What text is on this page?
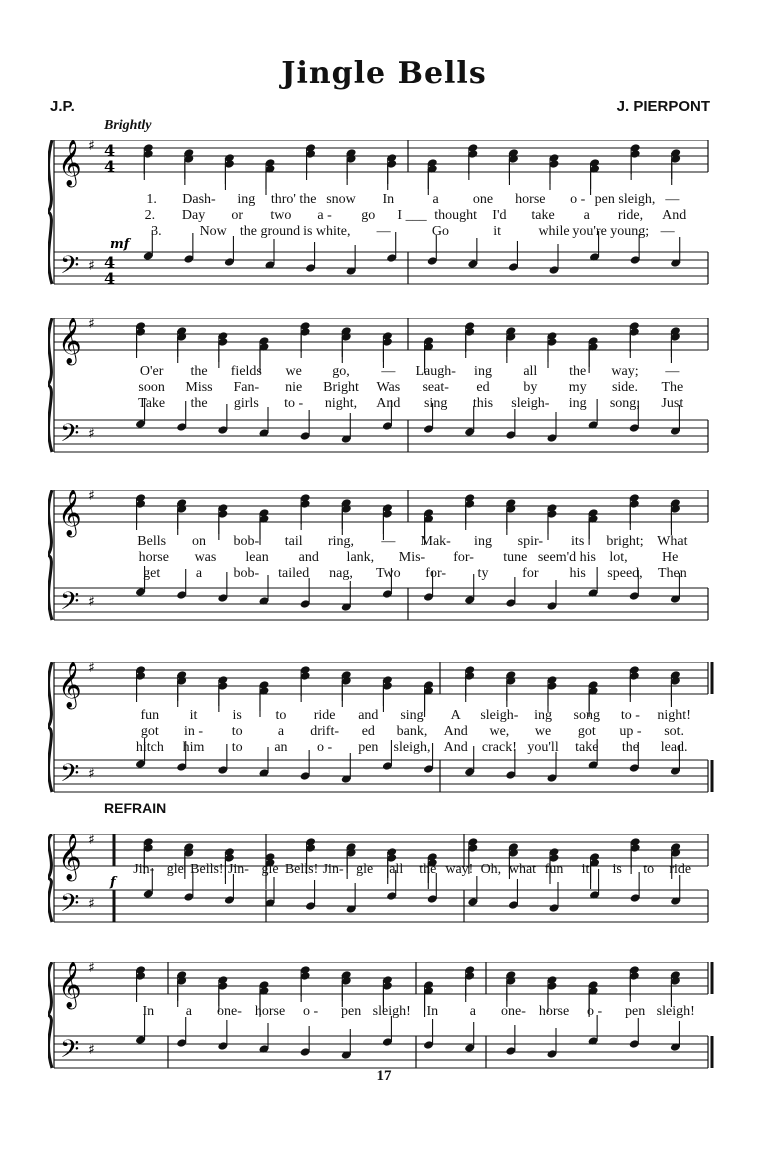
Jingle Bells
J.P.	J. PIERPONT
Brightly
REFRAIN
𝄞
𝄢
♯
♯
4
4
4
4
mf
1. Dash- ing thro' the snow In	a one horse o - pen sleigh, —
2. Day or two a - go I ___ thought I'd take a ride, And
3.	Now the ground is white, —	Go	it	while you're young; —
𝄞
𝄢
♯
♯
O'er the fields we go, — Laugh- ing all the way; —
soon Miss Fan- nie Bright Was seat- ed by my side. The
Take the girls to - night, And sing this sleigh- ing song; Just
𝄞
𝄢
♯
♯
Bells on bob- tail ring, — Mak- ing spir- its bright; What
horse was lean and lank, Mis- for- tune seem'd his lot, He
get	a bob- tailed nag, Two for- ty for his speed, Then
𝄞
𝄢
♯
♯
fun it	is to ride and sing A sleigh- ing song to - night!
got in - to	a drift- ed bank, And we, we got up - sot.
hitch him to an o - pen sleigh, And crack! you'll take the lead.
𝄞
𝄢
♯
♯
f
Jin- gle Bells! Jin- gle Bells! Jin- gle all the way! Oh, what fun it is to ride
𝄞
𝄢
♯
♯
In a one- horse o - pen sleigh! In a one- horse o - pen sleigh!
17
